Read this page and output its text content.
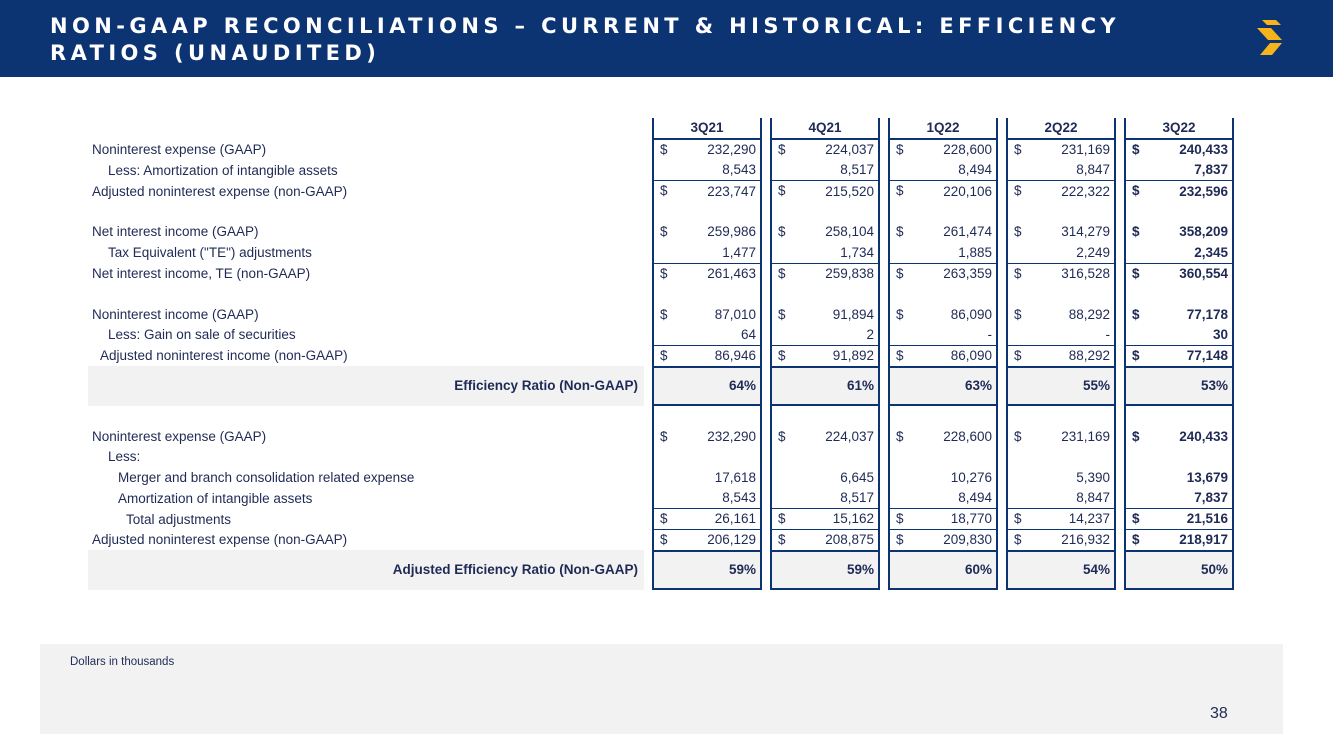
NON-GAAP RECONCILIATIONS – CURRENT & HISTORICAL: EFFICIENCY RATIOS (UNAUDITED)
		3Q21		4Q21		1Q22		2Q22		3Q22
Noninterest expense (GAAP)		$ 232,290		$ 224,037		$ 228,600		$ 231,169		$ 240,433

Less: Amortization of intangible assets		8,543		8,517		8,494		8,847		7,837

Adjusted noninterest expense (non-GAAP)		$ 223,747		$ 215,520		$ 220,106		$ 222,322		$ 232,596

Net interest income (GAAP)		$ 259,986		$ 258,104		$ 261,474		$ 314,279		$ 358,209

Tax Equivalent ("TE") adjustments		1,477		1,734		1,885		2,249		2,345

Net interest income, TE (non-GAAP)		$ 261,463		$ 259,838		$ 263,359		$ 316,528		$ 360,554

Noninterest income (GAAP)		$ 87,010		$ 91,894		$ 86,090		$ 88,292		$ 77,178

Less: Gain on sale of securities		64		2		-		-		30

Adjusted noninterest income (non-GAAP)		$ 86,946		$ 91,892		$ 86,090		$ 88,292		$ 77,148

Efficiency Ratio (Non-GAAP)		64%		61%		63%		55%		53%

Noninterest expense (GAAP)		$ 232,290		$ 224,037		$ 228,600		$ 231,169		$ 240,433

Less:		

Merger and branch consolidation related expense		17,618		6,645		10,276		5,390		13,679

Amortization of intangible assets		8,543		8,517		8,494		8,847		7,837

Total adjustments		$ 26,161		$ 15,162		$ 18,770		$ 14,237		$ 21,516

Adjusted noninterest expense (non-GAAP)		$ 206,129		$ 208,875		$ 209,830		$ 216,932		$ 218,917

Adjusted Efficiency Ratio (Non-GAAP)		59%		59%		60%		54%		50%
Dollars in thousands
38
